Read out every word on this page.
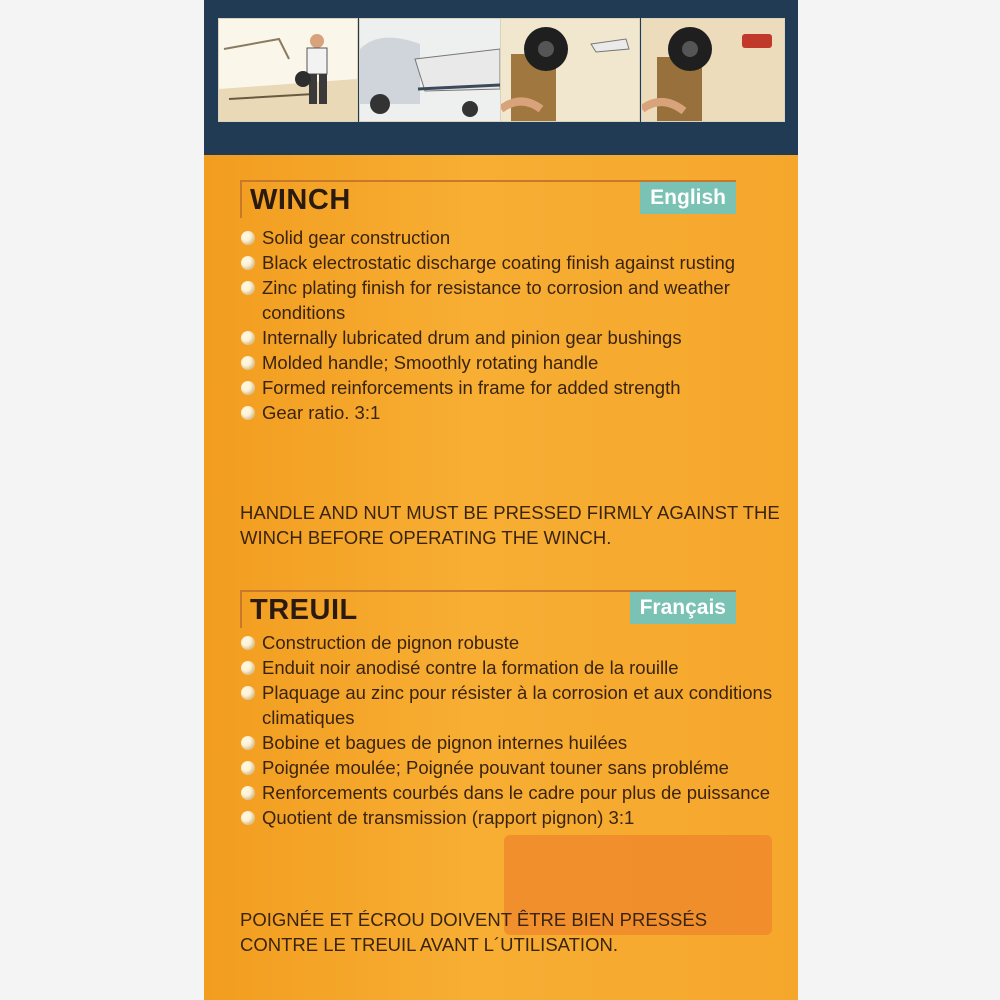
WINCH	English
Solid gear construction
Black electrostatic discharge coating finish against rusting
Zinc plating finish for resistance to corrosion and weather conditions
Internally lubricated drum and pinion gear bushings
Molded handle; Smoothly rotating handle
Formed reinforcements in frame for added strength
Gear ratio. 3:1
HANDLE AND NUT MUST BE PRESSED FIRMLY AGAINST THE WINCH BEFORE OPERATING THE WINCH.
TREUIL	Français
Construction de pignon robuste
Enduit noir anodisé contre la formation de la rouille
Plaquage au zinc pour résister à la corrosion et aux conditions climatiques
Bobine et bagues de pignon internes huilées
Poignée moulée; Poignée pouvant touner sans probléme
Renforcements courbés dans le cadre pour plus de puissance
Quotient de transmission (rapport pignon) 3:1
POIGNÉE ET ÉCROU DOIVENT ÊTRE BIEN PRESSÉS CONTRE LE TREUIL AVANT L´UTILISATION.
